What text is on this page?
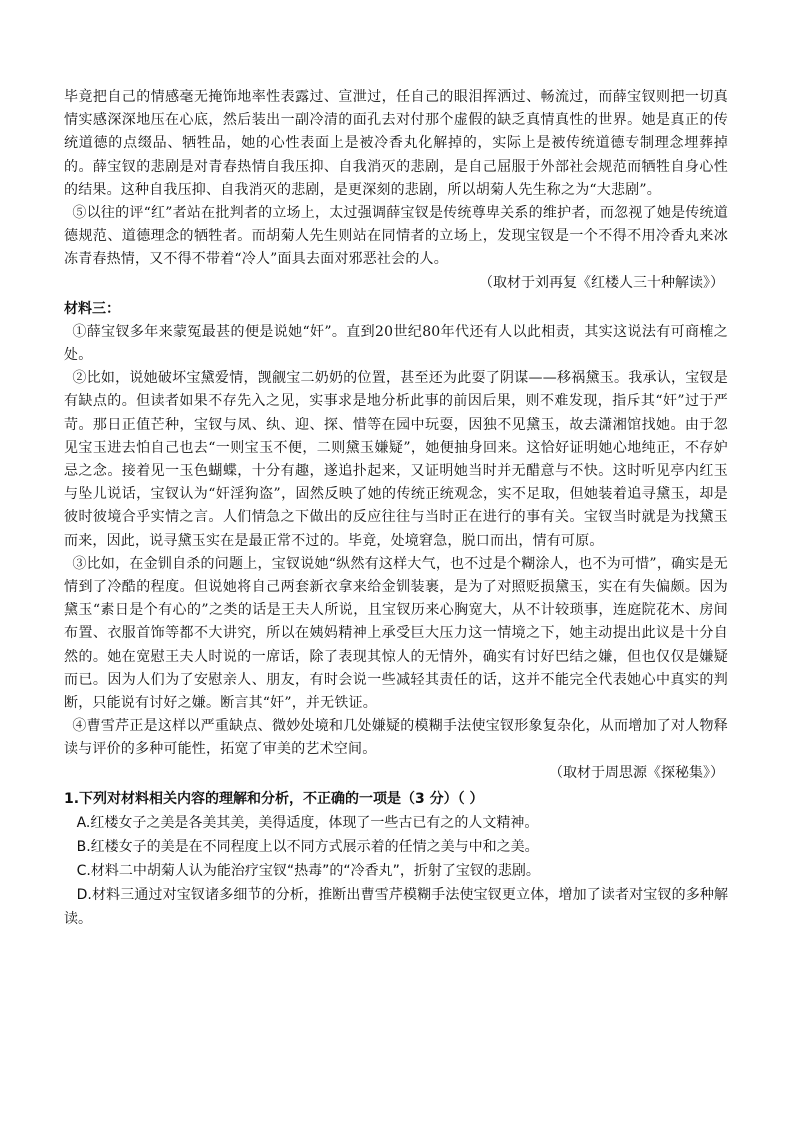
毕竟把自己的情感毫无掩饰地率性表露过、宣泄过，任自己的眼泪挥洒过、畅流过，而薛宝钗则把一切真情实感深深地压在心底，然后装出一副冷清的面孔去对付那个虚假的缺乏真情真性的世界。她是真正的传统道德的点缀品、牺牲品，她的心性表面上是被冷香丸化解掉的，实际上是被传统道德专制理念埋葬掉的。薛宝钗的悲剧是对青春热情自我压抑、自我消灭的悲剧，是自己屈服于外部社会规范而牺牲自身心性的结果。这种自我压抑、自我消灭的悲剧，是更深刻的悲剧，所以胡菊人先生称之为“大悲剧”。

⑤以往的评“红”者站在批判者的立场上，太过强调薛宝钗是传统尊卑关系的维护者，而忽视了她是传统道德规范、道德理念的牺牲者。而胡菊人先生则站在同情者的立场上，发现宝钗是一个不得不用冷香丸来冰冻青春热情，又不得不带着“冷人”面具去面对邪恶社会的人。

（取材于刘再复《红楼人三十种解读》）

材料三：

①薛宝钗多年来蒙冤最甚的便是说她“奸”。直到20世纪80年代还有人以此相责，其实这说法有可商榷之处。

②比如，说她破坏宝黛爱情，觊觎宝二奶奶的位置，甚至还为此耍了阴谋——移祸黛玉。我承认，宝钗是有缺点的。但读者如果不存先入之见，实事求是地分析此事的前因后果，则不难发现，指斥其“奸”过于严苛。那日正值芒种，宝钗与凤、纨、迎、探、惜等在园中玩耍，因独不见黛玉，故去潇湘馆找她。由于忽见宝玉进去怕自己也去“一则宝玉不便，二则黛玉嫌疑”，她便抽身回来。这恰好证明她心地纯正，不存妒忌之念。接着见一玉色蝴蝶，十分有趣，遂追扑起来，又证明她当时并无醋意与不快。这时听见亭内红玉与坠儿说话，宝钗认为“奸淫狗盗”，固然反映了她的传统正统观念，实不足取，但她装着追寻黛玉，却是彼时彼境合乎实情之言。人们情急之下做出的反应往往与当时正在进行的事有关。宝钗当时就是为找黛玉而来，因此，说寻黛玉实在是最正常不过的。毕竟，处境窘急，脱口而出，情有可原。

③比如，在金钏自杀的问题上，宝钗说她“纵然有这样大气，也不过是个糊涂人，也不为可惜”，确实是无情到了冷酷的程度。但说她将自己两套新衣拿来给金钏装裹，是为了对照贬损黛玉，实在有失偏颇。因为黛玉“素日是个有心的”之类的话是王夫人所说，且宝钗历来心胸宽大，从不计较琐事，连庭院花木、房间布置、衣服首饰等都不大讲究，所以在姨妈精神上承受巨大压力这一情境之下，她主动提出此议是十分自然的。她在宽慰王夫人时说的一席话，除了表现其惊人的无情外，确实有讨好巴结之嫌，但也仅仅是嫌疑而已。因为人们为了安慰亲人、朋友，有时会说一些减轻其责任的话，这并不能完全代表她心中真实的判断，只能说有讨好之嫌。断言其“奸”，并无铁证。

④曹雪芹正是这样以严重缺点、微妙处境和几处嫌疑的模糊手法使宝钗形象复杂化，从而增加了对人物释读与评价的多种可能性，拓宽了审美的艺术空间。

（取材于周思源《探秘集》）

1.下列对材料相关内容的理解和分析，不正确的一项是（3 分）（ ）

A.红楼女子之美是各美其美，美得适度，体现了一些古已有之的人文精神。

B.红楼女子的美是在不同程度上以不同方式展示着的任情之美与中和之美。

C.材料二中胡菊人认为能治疗宝钗“热毒”的“冷香丸”，折射了宝钗的悲剧。

D.材料三通过对宝钗诸多细节的分析，推断出曹雪芹模糊手法使宝钗更立体，增加了读者对宝钗的多种解读。
